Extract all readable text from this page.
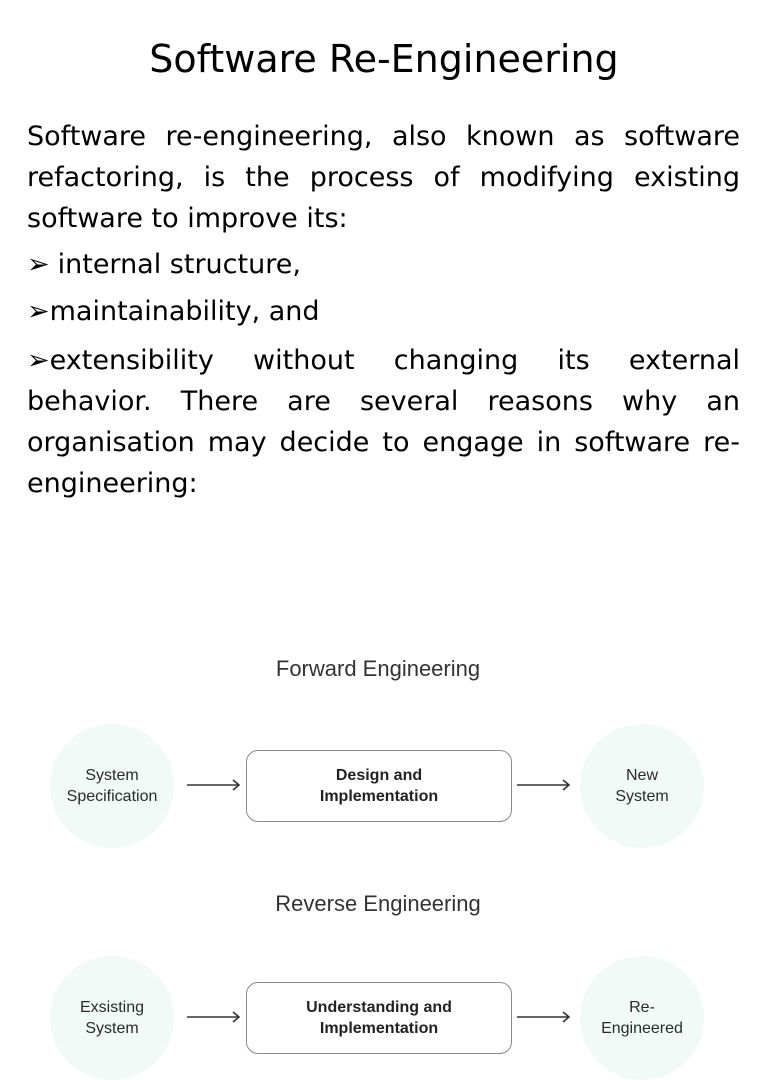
Software Re-Engineering

Software re-engineering, also known as software refactoring, is the process of modifying existing software to improve its:

➢ internal structure,
➢maintainability, and
➢extensibility without changing its external behavior. There are several reasons why an organisation may decide to engage in software re-engineering:
Forward Engineering
System
Specification
Design and
Implementation
New
System
Reverse Engineering
Exsisting
System
Understanding and
Implementation
Re-
Engineered
